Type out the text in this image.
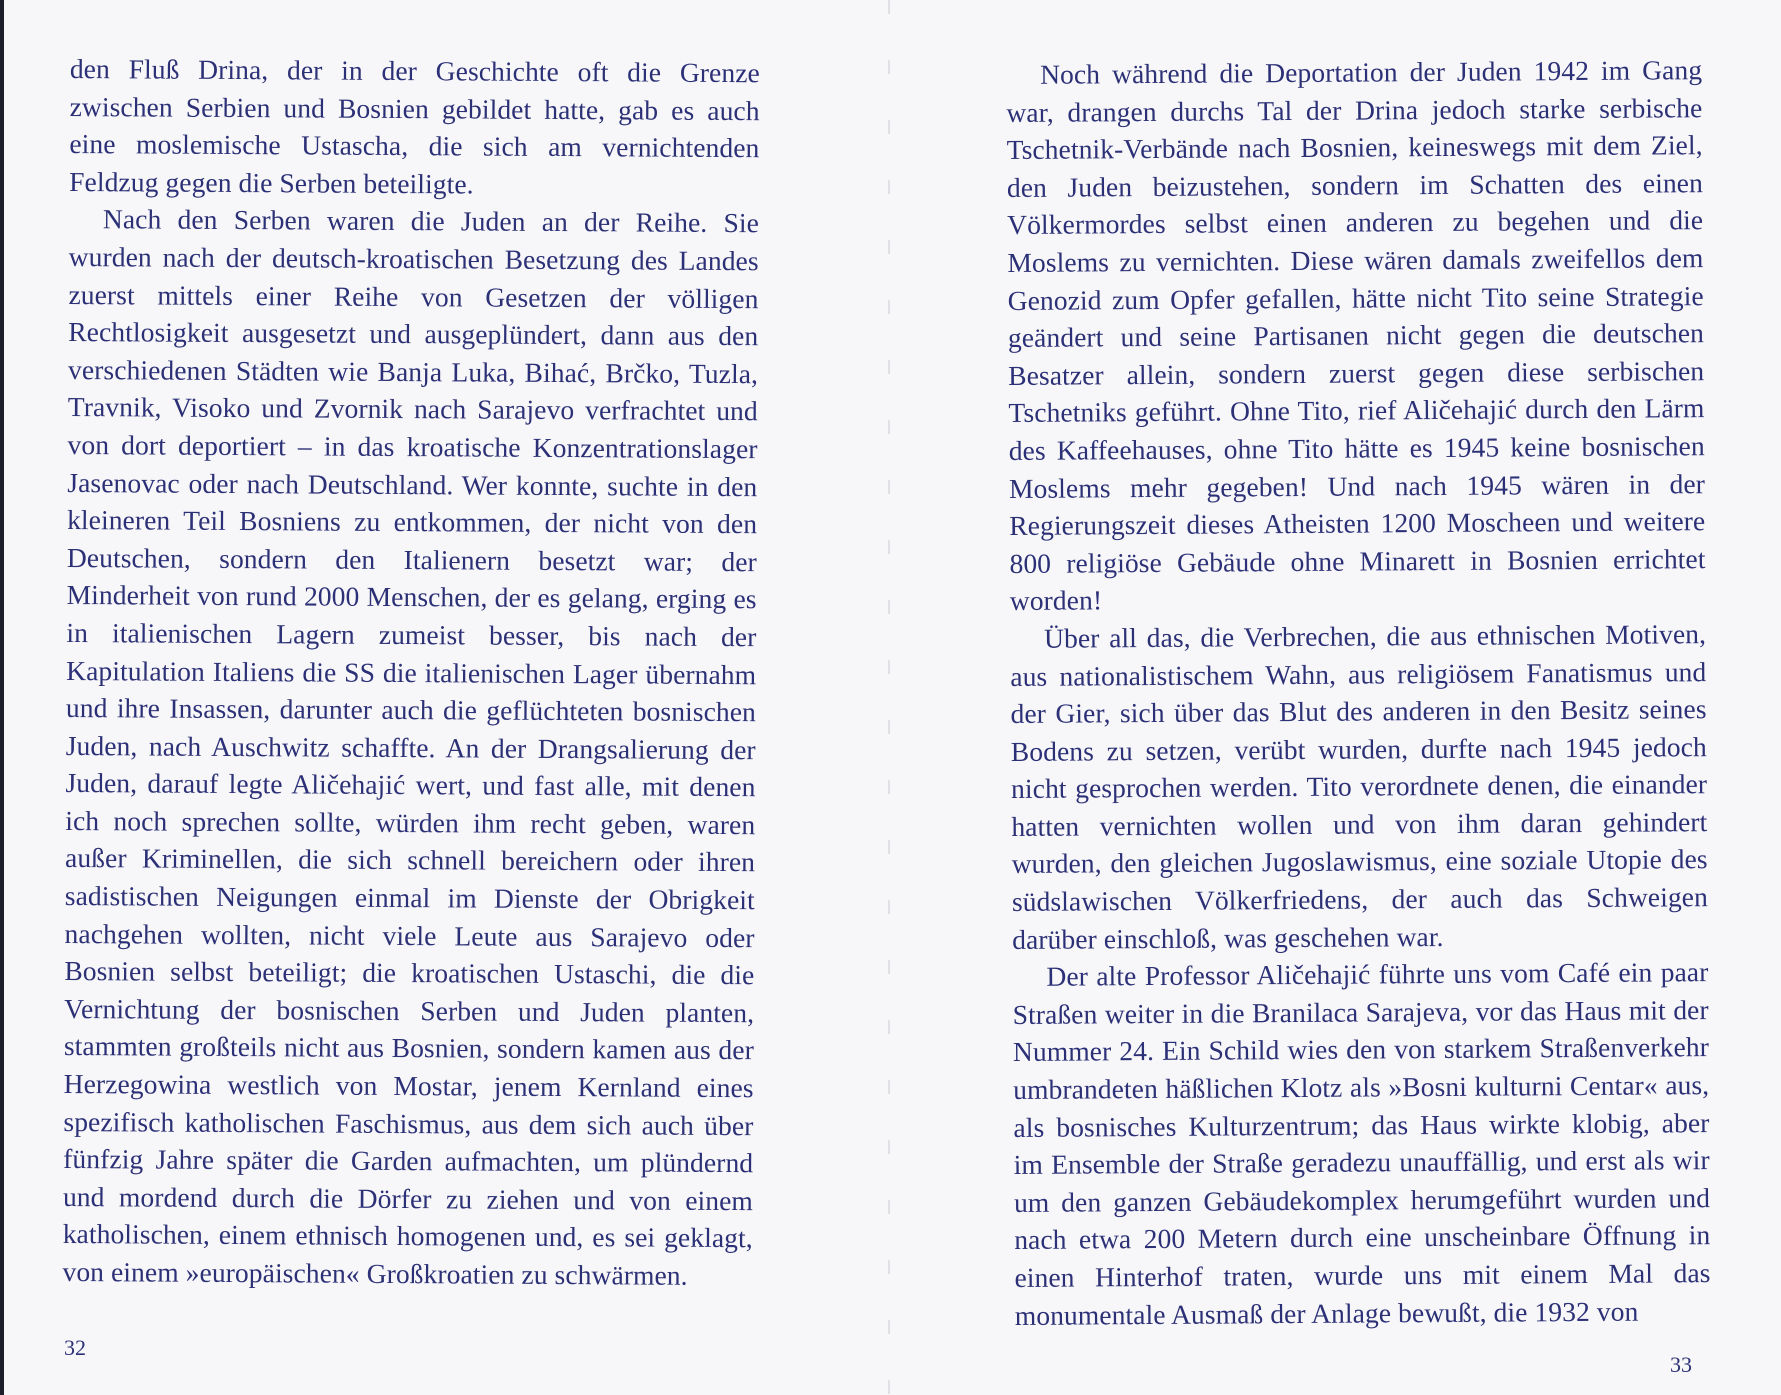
den Fluß Drina, der in der Geschichte oft die Grenze zwischen Serbien und Bosnien gebildet hatte, gab es auch eine moslemische Ustascha, die sich am vernichtenden Feldzug gegen die Serben beteiligte.

Nach den Serben waren die Juden an der Reihe. Sie wurden nach der deutsch-kroatischen Besetzung des Landes zuerst mittels einer Reihe von Gesetzen der völligen Rechtlosigkeit ausgesetzt und ausgeplündert, dann aus den verschiedenen Städten wie Banja Luka, Bihać, Brčko, Tuzla, Travnik, Visoko und Zvornik nach Sarajevo verfrachtet und von dort deportiert – in das kroatische Konzentrationslager Jasenovac oder nach Deutschland. Wer konnte, suchte in den kleineren Teil Bosniens zu entkommen, der nicht von den Deutschen, sondern den Italienern besetzt war; der Minderheit von rund 2000 Menschen, der es gelang, erging es in italienischen Lagern zumeist besser, bis nach der Kapitulation Italiens die SS die italienischen Lager übernahm und ihre Insassen, darunter auch die geflüchteten bosnischen Juden, nach Auschwitz schaffte. An der Drangsalierung der Juden, darauf legte Aličehajić wert, und fast alle, mit denen ich noch sprechen sollte, würden ihm recht geben, waren außer Kriminellen, die sich schnell bereichern oder ihren sadistischen Neigungen einmal im Dienste der Obrigkeit nachgehen wollten, nicht viele Leute aus Sarajevo oder Bosnien selbst beteiligt; die kroatischen Ustaschi, die die Vernichtung der bosnischen Serben und Juden planten, stammten großteils nicht aus Bosnien, sondern kamen aus der Herzegowina westlich von Mostar, jenem Kernland eines spezifisch katholischen Faschismus, aus dem sich auch über fünfzig Jahre später die Garden aufmachten, um plündernd und mordend durch die Dörfer zu ziehen und von einem katholischen, einem ethnisch homogenen und, es sei geklagt, von einem »europäischen« Großkroatien zu schwärmen.

32

Noch während die Deportation der Juden 1942 im Gang war, drangen durchs Tal der Drina jedoch starke serbische Tschetnik-Verbände nach Bosnien, keineswegs mit dem Ziel, den Juden beizustehen, sondern im Schatten des einen Völkermordes selbst einen anderen zu begehen und die Moslems zu vernichten. Diese wären damals zweifellos dem Genozid zum Opfer gefallen, hätte nicht Tito seine Strategie geändert und seine Partisanen nicht gegen die deutschen Besatzer allein, sondern zuerst gegen diese serbischen Tschetniks geführt. Ohne Tito, rief Aličehajić durch den Lärm des Kaffeehauses, ohne Tito hätte es 1945 keine bosnischen Moslems mehr gegeben! Und nach 1945 wären in der Regierungszeit dieses Atheisten 1200 Moscheen und weitere 800 religiöse Gebäude ohne Minarett in Bosnien errichtet worden!

Über all das, die Verbrechen, die aus ethnischen Motiven, aus nationalistischem Wahn, aus religiösem Fanatismus und der Gier, sich über das Blut des anderen in den Besitz seines Bodens zu setzen, verübt wurden, durfte nach 1945 jedoch nicht gesprochen werden. Tito verordnete denen, die einander hatten vernichten wollen und von ihm daran gehindert wurden, den gleichen Jugoslawismus, eine soziale Utopie des südslawischen Völkerfriedens, der auch das Schweigen darüber einschloß, was geschehen war.

Der alte Professor Aličehajić führte uns vom Café ein paar Straßen weiter in die Branilaca Sarajeva, vor das Haus mit der Nummer 24. Ein Schild wies den von starkem Straßenverkehr umbrandeten häßlichen Klotz als »Bosni kulturni Centar« aus, als bosnisches Kulturzentrum; das Haus wirkte klobig, aber im Ensemble der Straße geradezu unauffällig, und erst als wir um den ganzen Gebäudekomplex herumgeführt wurden und nach etwa 200 Metern durch eine unscheinbare Öffnung in einen Hinterhof traten, wurde uns mit einem Mal das monumentale Ausmaß der Anlage bewußt, die 1932 von

33
